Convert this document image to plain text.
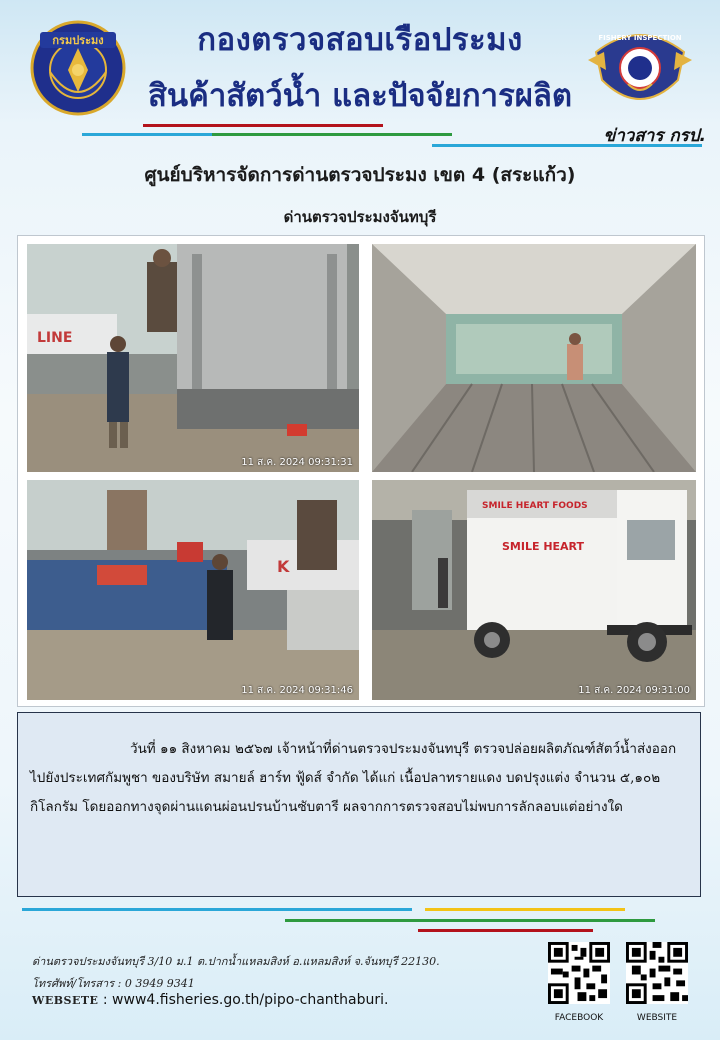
กรมประมง	กองตรวจสอบเรือประมง
สินค้าสัตว์น้ำ และปัจจัยการผลิต
FISHERY INSPECTION
ข่าวสาร กรป.
ศูนย์บริหารจัดการด่านตรวจประมง เขต 4 (สระแก้ว)
ด่านตรวจประมงจันทบุรี
LINE
11 ส.ค. 2024 09:31:31
K
11 ส.ค. 2024 09:31:46
SMILE HEART FOODS
SMILE HEART
11 ส.ค. 2024 09:31:00
วันที่ ๑๑ สิงหาคม ๒๕๖๗ เจ้าหน้าที่ด่านตรวจประมงจันทบุรี ตรวจปล่อยผลิตภัณฑ์สัตว์น้ำส่งออกไปยังประเทศกัมพูชา ของบริษัท สมายล์ ฮาร์ท ฟู้ดส์ จำกัด ได้แก่ เนื้อปลาทรายแดง บดปรุงแต่ง จำนวน ๕,๑๐๒ กิโลกรัม โดยออกทางจุดผ่านแดนผ่อนปรนบ้านซับตารี ผลจากการตรวจสอบไม่พบการลักลอบแต่อย่างใด
ด่านตรวจประมงจันทบุรี 3/10 ม.1 ต.ปากน้ำแหลมสิงห์ อ.แหลมสิงห์ จ.จันทบุรี 22130.
โทรศัพท์/โทรสาร : 0 3949 9341
WEBSETE : www4.fisheries.go.th/pipo-chanthaburi.
FACEBOOK	WEBSITE
